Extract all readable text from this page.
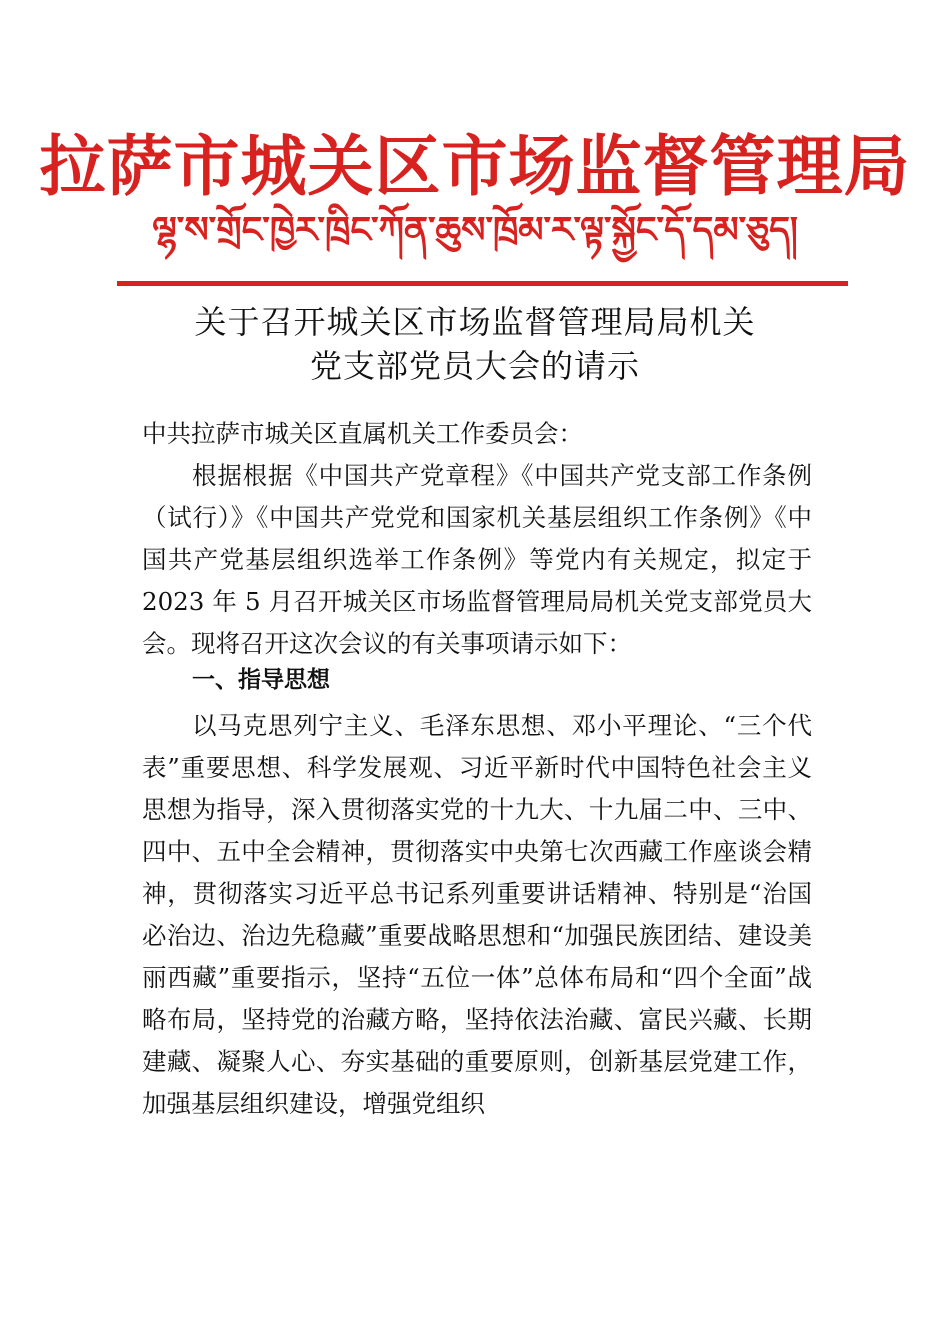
拉萨市城关区市场监督管理局
ལྷ་ས་གྲོང་ཁྱེར་ཁྲིང་ཀོན་ཆུས་ཁྲོམ་ར་ལྟ་སྐྱོང་དོ་དམ་ཅུད།
关于召开城关区市场监督管理局局机关
党支部党员大会的请示
中共拉萨市城关区直属机关工作委员会：
根据根据《中国共产党章程》《中国共产党支部工作条例（试行）》《中国共产党党和国家机关基层组织工作条例》《中国共产党基层组织选举工作条例》等党内有关规定，拟定于 2023 年 5 月召开城关区市场监督管理局局机关党支部党员大会。现将召开这次会议的有关事项请示如下：
一、指导思想
以马克思列宁主义、毛泽东思想、邓小平理论、“三个代表”重要思想、科学发展观、习近平新时代中国特色社会主义思想为指导，深入贯彻落实党的十九大、十九届二中、三中、四中、五中全会精神，贯彻落实中央第七次西藏工作座谈会精神，贯彻落实习近平总书记系列重要讲话精神、特别是“治国必治边、治边先稳藏”重要战略思想和“加强民族团结、建设美丽西藏”重要指示，坚持“五位一体”总体布局和“四个全面”战略布局，坚持党的治藏方略，坚持依法治藏、富民兴藏、长期建藏、凝聚人心、夯实基础的重要原则，创新基层党建工作，加强基层组织建设，增强党组织
